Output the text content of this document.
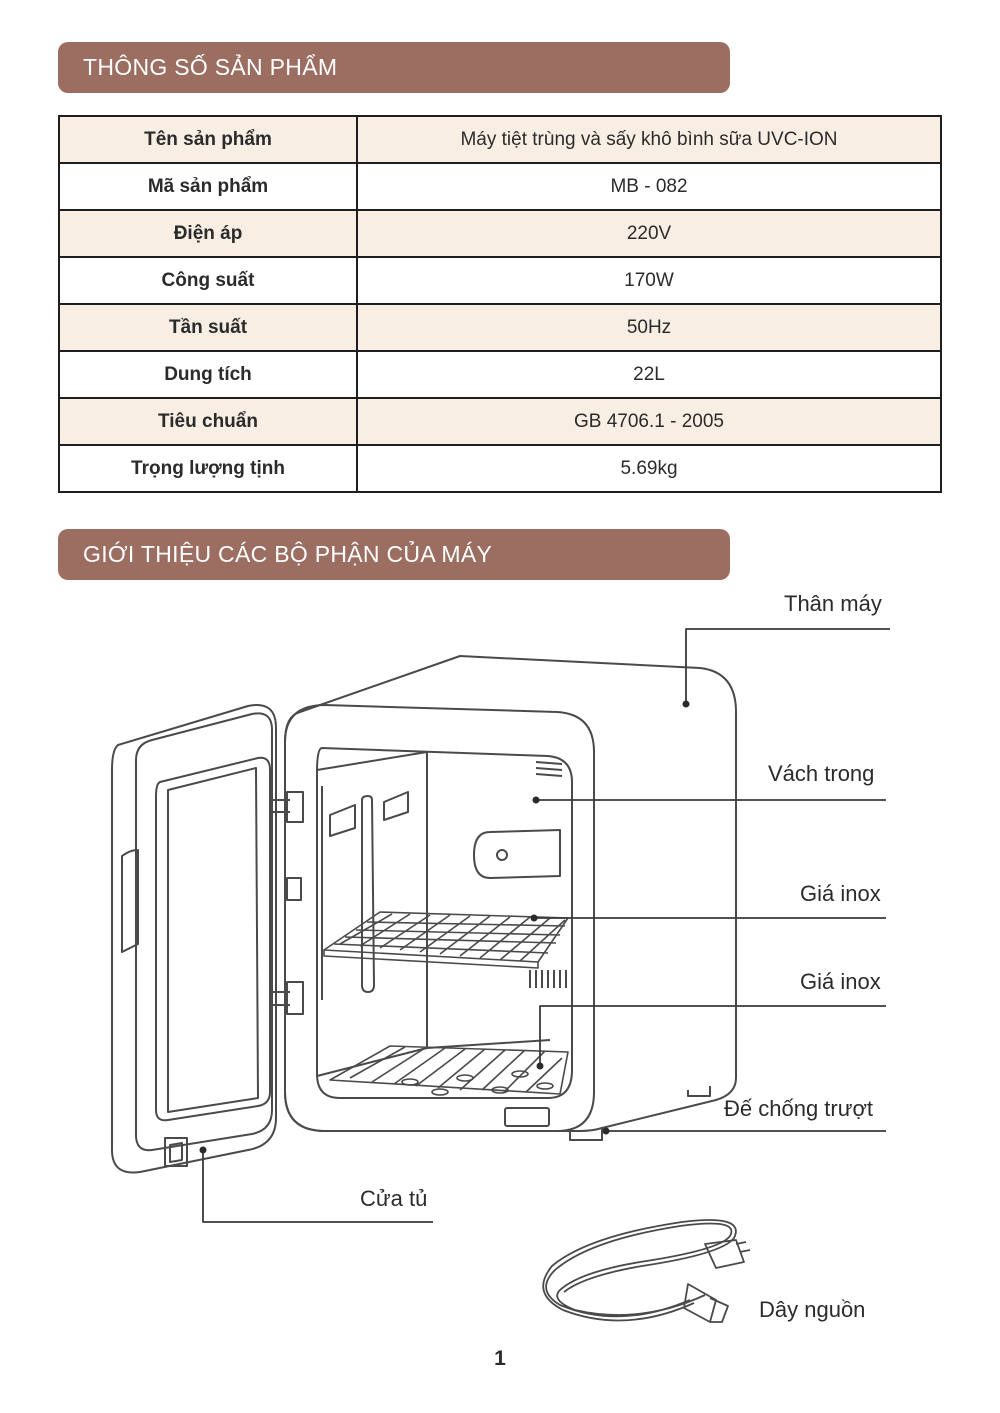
THÔNG SỐ SẢN PHẨM
Tên sản phẩm	Máy tiệt trùng và sấy khô bình sữa UVC-ION
Mã sản phẩm	MB - 082
Điện áp	220V
Công suất	170W
Tần suất	50Hz
Dung tích	22L
Tiêu chuẩn	GB 4706.1 - 2005
Trọng lượng tịnh	5.69kg
GIỚI THIỆU CÁC BỘ PHẬN CỦA MÁY
Thân máy
Vách trong
Giá inox
Giá inox
Đế chống trượt
Cửa tủ
Dây nguồn
1
